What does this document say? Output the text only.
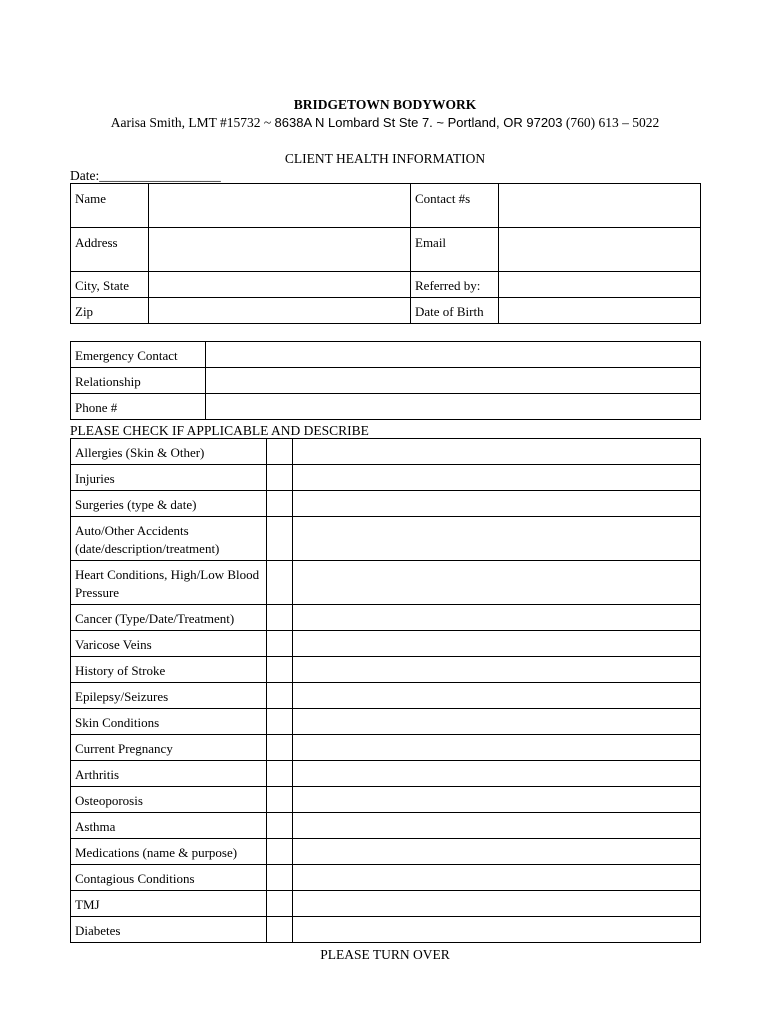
BRIDGETOWN BODYWORK
Aarisa Smith, LMT #15732 ~ 8638A N Lombard St Ste 7. ~ Portland, OR 97203 (760) 613 – 5022
CLIENT HEALTH INFORMATION
Date:__________________
Name		Contact #s	
Address		Email	
City, State		Referred by:	
Zip		Date of Birth	
Emergency Contact	
Relationship	
Phone #	
PLEASE CHECK IF APPLICABLE AND DESCRIBE
Allergies (Skin & Other)		
Injuries		
Surgeries (type & date)		
Auto/Other Accidents (date/description/treatment)		
Heart Conditions, High/Low Blood Pressure		
Cancer (Type/Date/Treatment)		
Varicose Veins		
History of Stroke		
Epilepsy/Seizures		
Skin Conditions		
Current Pregnancy		
Arthritis		
Osteoporosis		
Asthma		
Medications (name & purpose)		
Contagious Conditions		
TMJ		
Diabetes		
PLEASE TURN OVER
